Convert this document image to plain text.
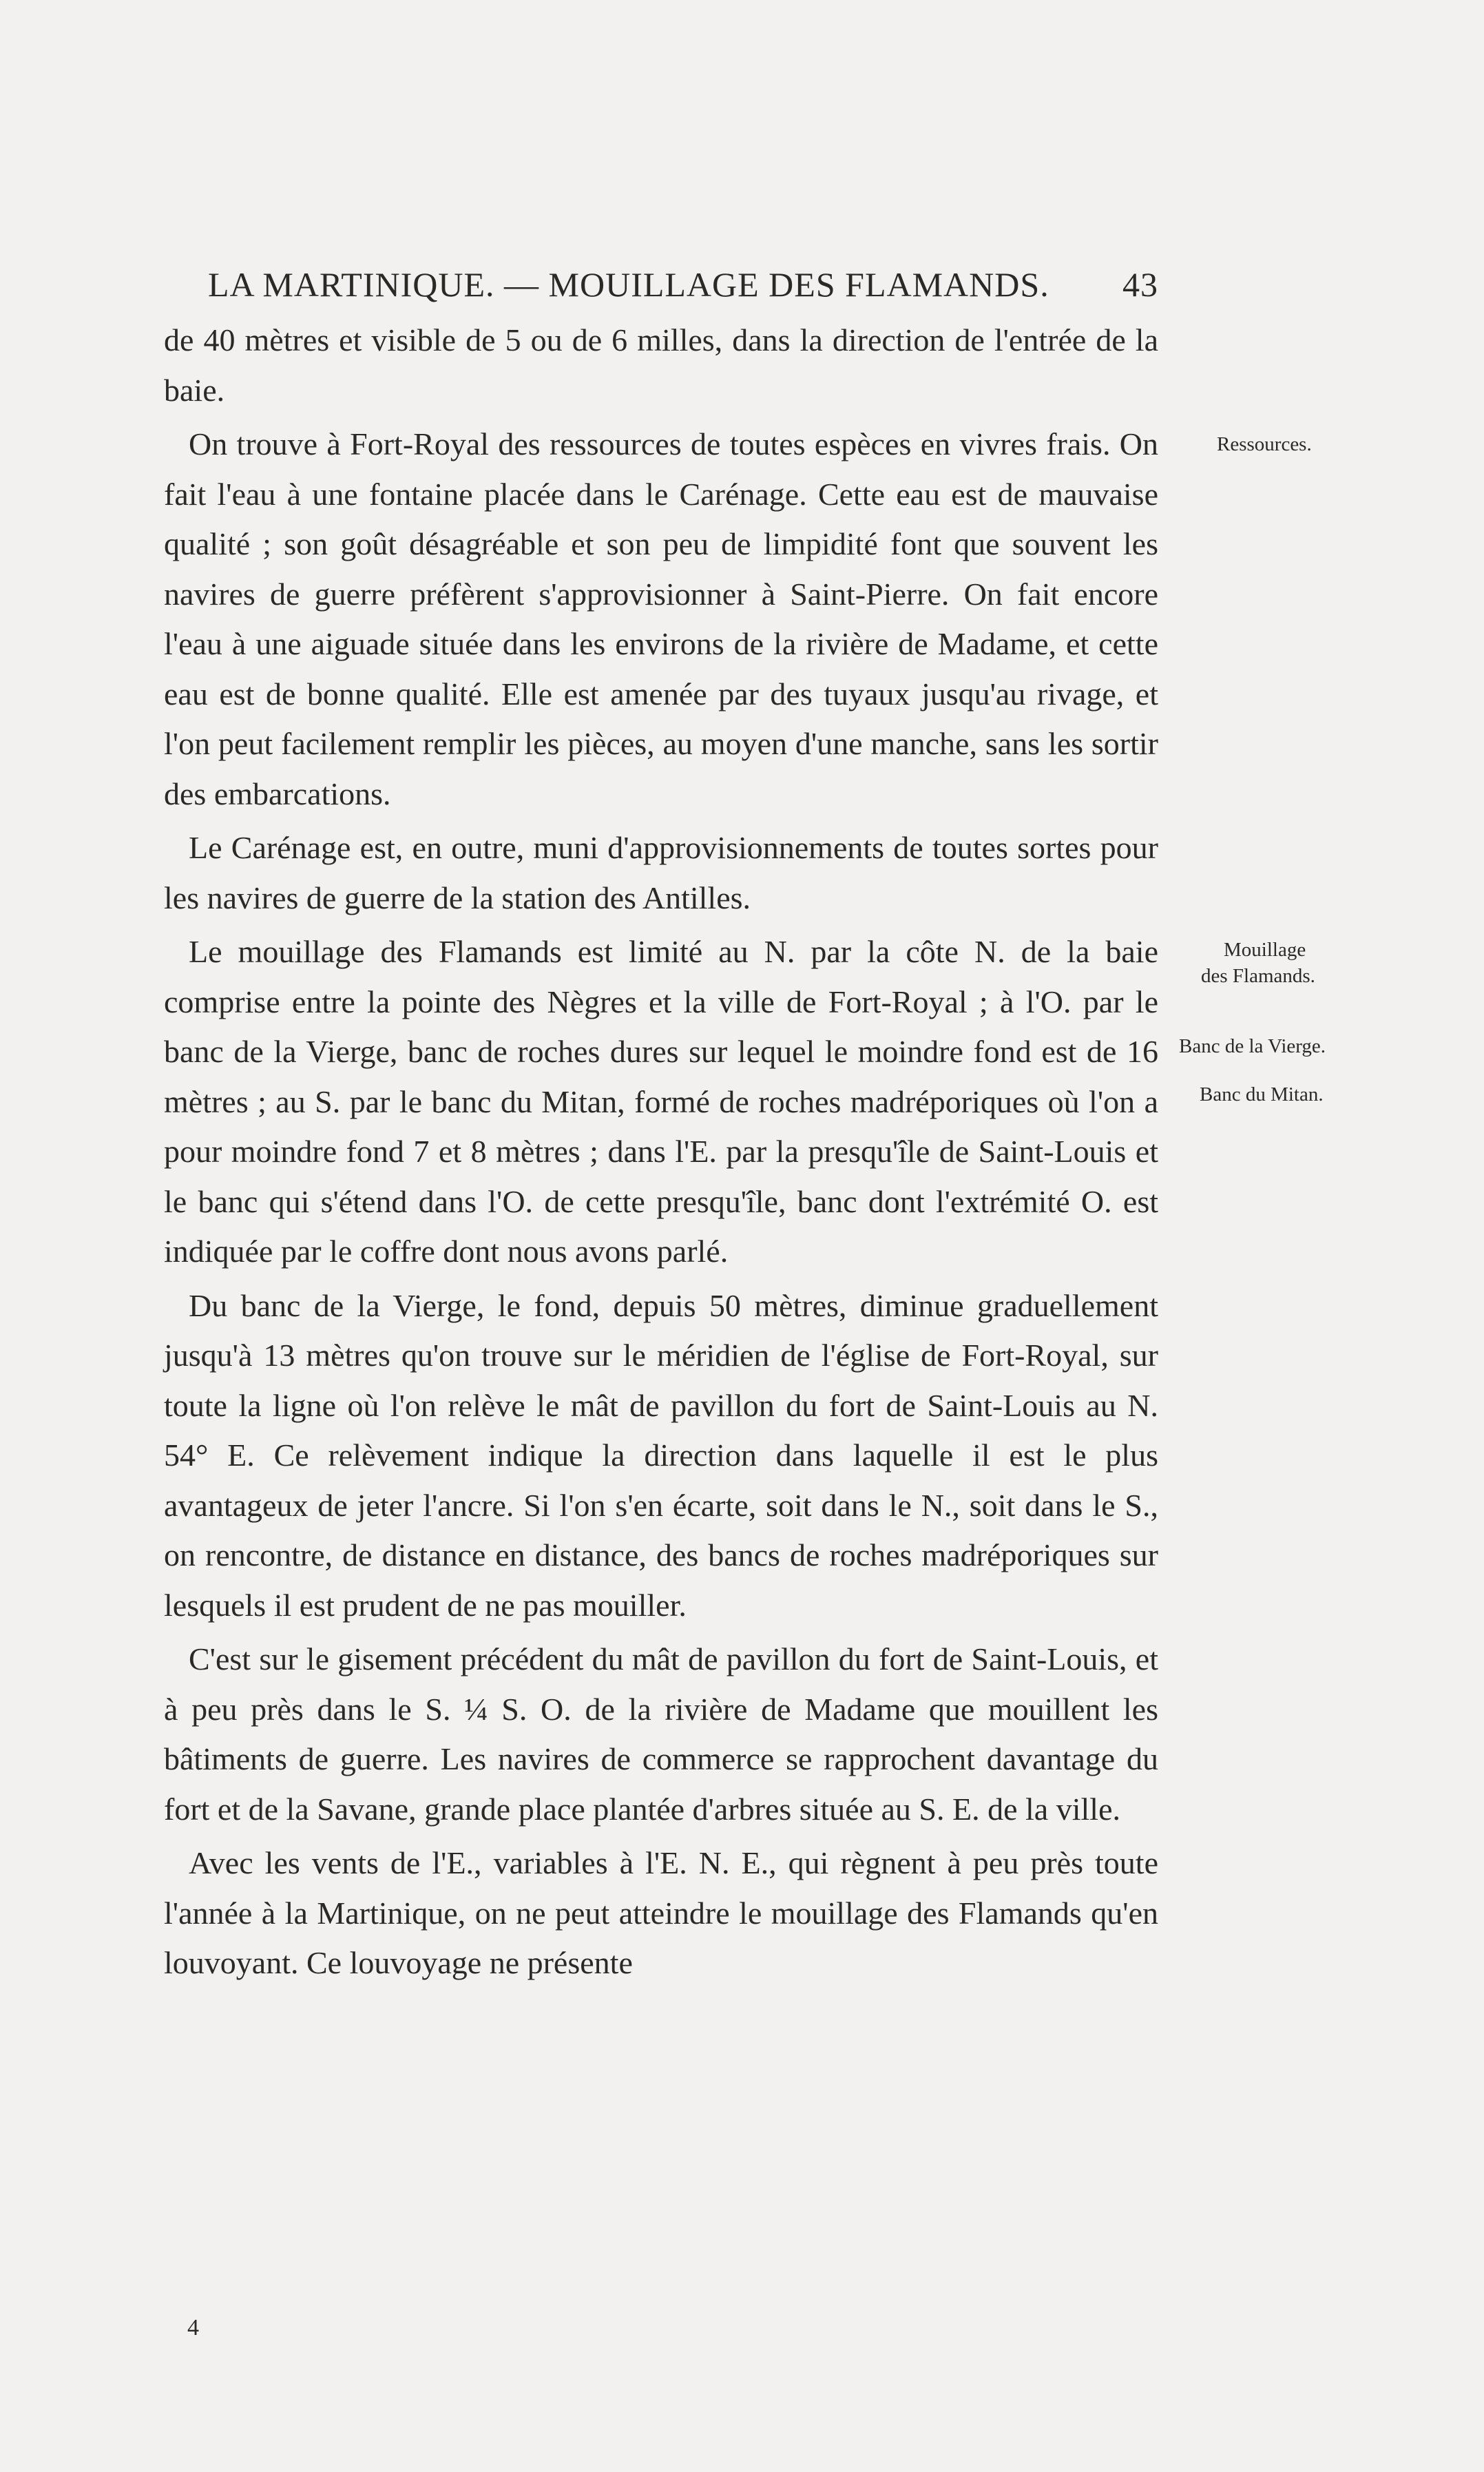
LA MARTINIQUE. — MOUILLAGE DES FLAMANDS. 43

de 40 mètres et visible de 5 ou de 6 milles, dans la direction de l'entrée de la baie.

On trouve à Fort-Royal des ressources de toutes espèces en vivres frais. On fait l'eau à une fontaine placée dans le Carénage. Cette eau est de mauvaise qualité ; son goût désagréable et son peu de limpidité font que souvent les navires de guerre préfèrent s'approvisionner à Saint-Pierre. On fait encore l'eau à une aiguade située dans les environs de la rivière de Madame, et cette eau est de bonne qualité. Elle est amenée par des tuyaux jusqu'au rivage, et l'on peut facilement remplir les pièces, au moyen d'une manche, sans les sortir des embarcations.

Le Carénage est, en outre, muni d'approvisionnements de toutes sortes pour les navires de guerre de la station des Antilles.

Le mouillage des Flamands est limité au N. par la côte N. de la baie comprise entre la pointe des Nègres et la ville de Fort-Royal ; à l'O. par le banc de la Vierge, banc de roches dures sur lequel le moindre fond est de 16 mètres ; au S. par le banc du Mitan, formé de roches madréporiques où l'on a pour moindre fond 7 et 8 mètres ; dans l'E. par la presqu'île de Saint-Louis et le banc qui s'étend dans l'O. de cette presqu'île, banc dont l'extrémité O. est indiquée par le coffre dont nous avons parlé.

Du banc de la Vierge, le fond, depuis 50 mètres, diminue graduellement jusqu'à 13 mètres qu'on trouve sur le méridien de l'église de Fort-Royal, sur toute la ligne où l'on relève le mât de pavillon du fort de Saint-Louis au N. 54° E. Ce relèvement indique la direction dans laquelle il est le plus avantageux de jeter l'ancre. Si l'on s'en écarte, soit dans le N., soit dans le S., on rencontre, de distance en distance, des bancs de roches madréporiques sur lesquels il est prudent de ne pas mouiller.

C'est sur le gisement précédent du mât de pavillon du fort de Saint-Louis, et à peu près dans le S. ¼ S. O. de la rivière de Madame que mouillent les bâtiments de guerre. Les navires de commerce se rapprochent davantage du fort et de la Savane, grande place plantée d'arbres située au S. E. de la ville.

Avec les vents de l'E., variables à l'E. N. E., qui règnent à peu près toute l'année à la Martinique, on ne peut atteindre le mouillage des Flamands qu'en louvoyant. Ce louvoyage ne présente

Ressources.
Mouillage
des Flamands.
Banc de la Vierge.
Banc du Mitan.
4
